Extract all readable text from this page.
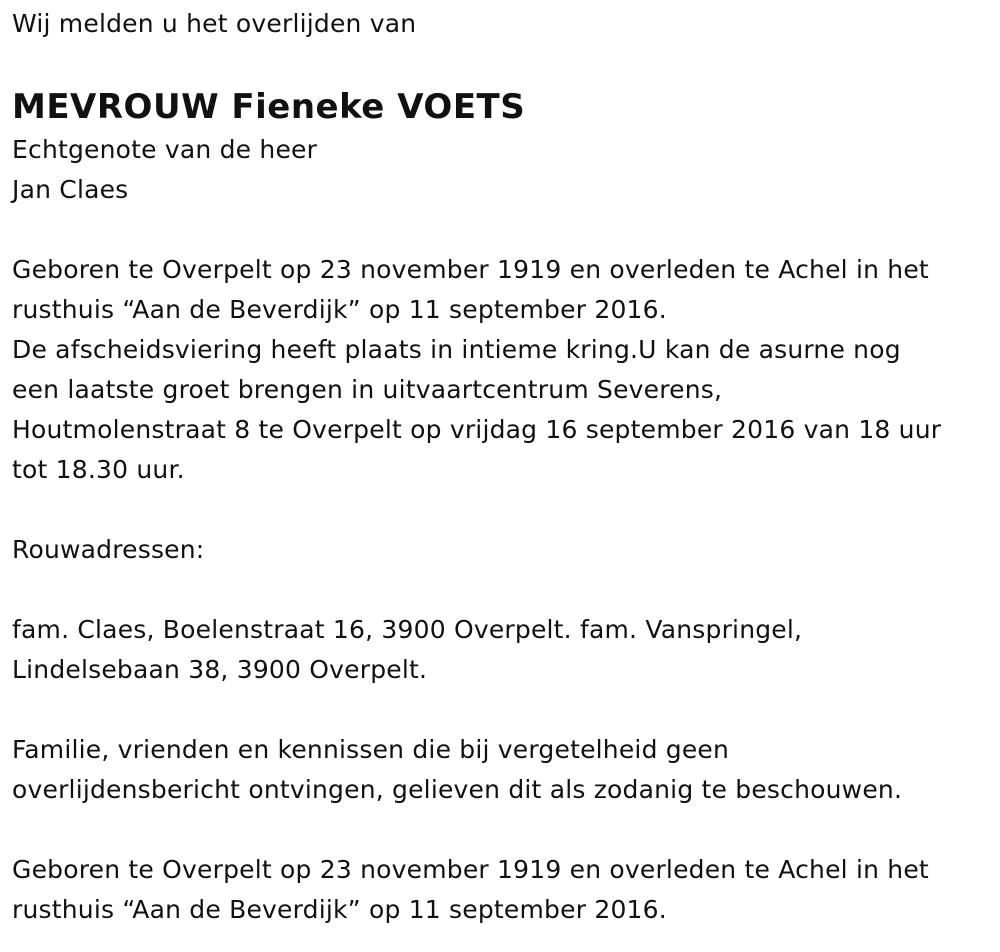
Wij melden u het overlijden van
MEVROUW Fieneke VOETS
Echtgenote van de heer
Jan Claes
Geboren te Overpelt op 23 november 1919 en overleden te Achel in het
rusthuis “Aan de Beverdijk” op 11 september 2016.
De afscheidsviering heeft plaats in intieme kring.U kan de asurne nog
een laatste groet brengen in uitvaartcentrum Severens,
Houtmolenstraat 8 te Overpelt op vrijdag 16 september 2016 van 18 uur
tot 18.30 uur.
Rouwadressen:
fam. Claes, Boelenstraat 16, 3900 Overpelt. fam. Vanspringel,
Lindelsebaan 38, 3900 Overpelt.
Familie, vrienden en kennissen die bij vergetelheid geen
overlijdensbericht ontvingen, gelieven dit als zodanig te beschouwen.
Geboren te Overpelt op 23 november 1919 en overleden te Achel in het
rusthuis “Aan de Beverdijk” op 11 september 2016.
